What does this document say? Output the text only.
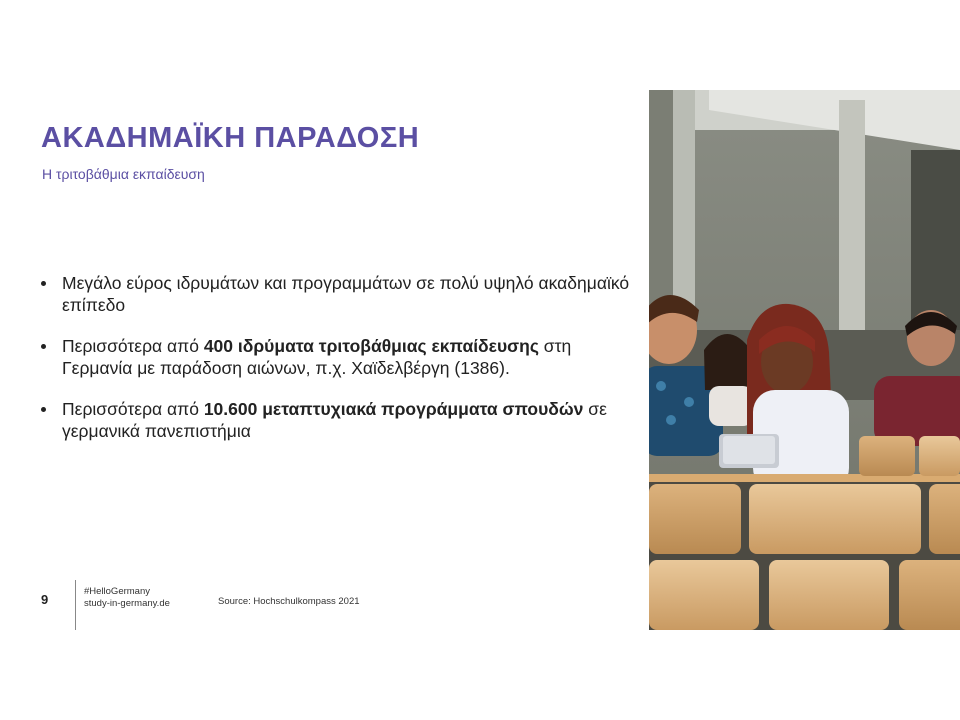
ΑΚΑΔΗΜΑΪΚΗ ΠΑΡΑΔΟΣΗ
Η τριτοβάθμια εκπαίδευση
Μεγάλο εύρος ιδρυμάτων και προγραμμάτων σε πολύ υψηλό ακαδημαϊκό επίπεδο
Περισσότερα από 400 ιδρύματα τριτοβάθμιας εκπαίδευσης στη Γερμανία με παράδοση αιώνων, π.χ. Χαϊδελβέργη (1386).
Περισσότερα από 10.600 μεταπτυχιακά προγράμματα σπουδών σε γερμανικά πανεπιστήμια
9
#HelloGermany
study-in-germany.de	Source: Hochschulkompass 2021
